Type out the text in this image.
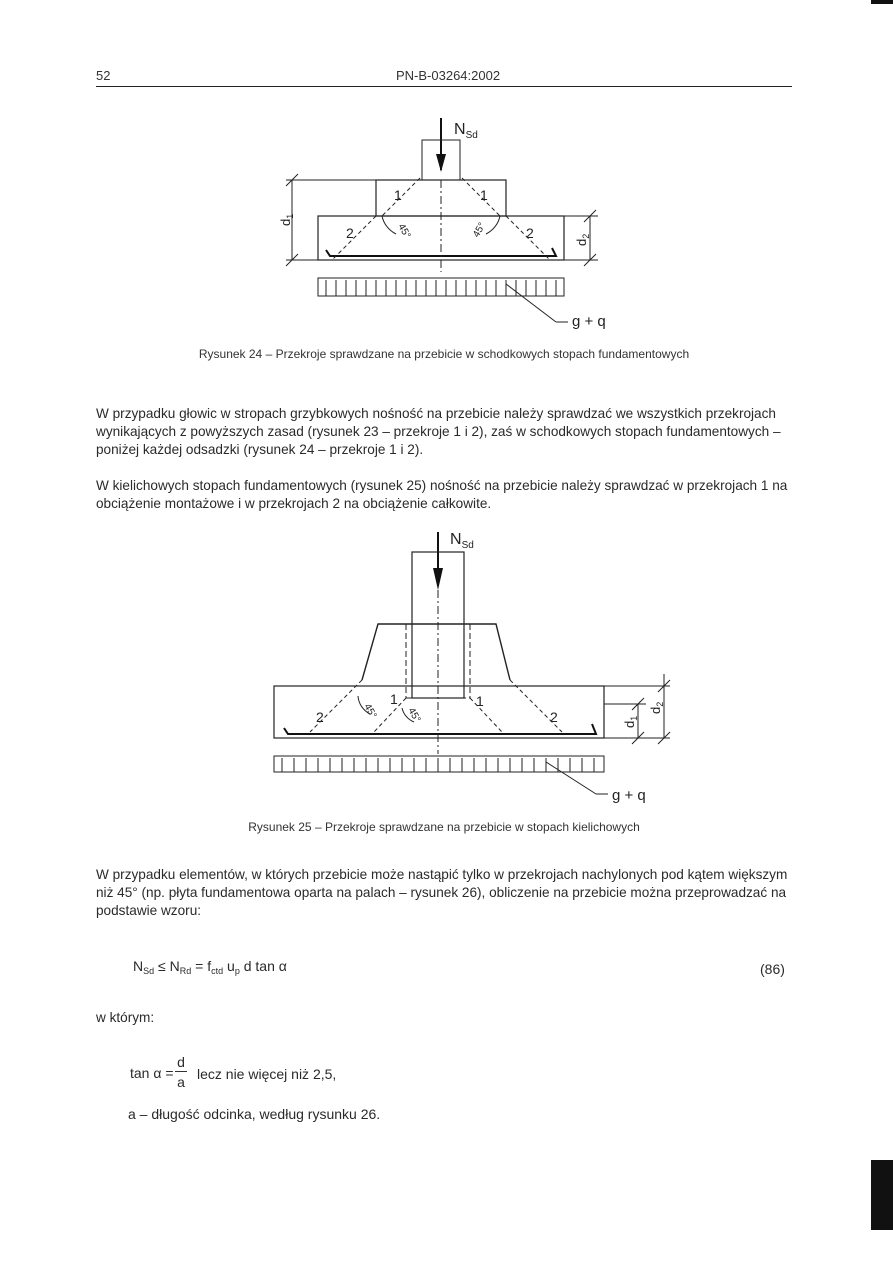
52	PN-B-03264:2002
1	1
2	2
45°	45°
$N_{Sd}$
$d_1$
$d_2$
g + q
Rysunek 24 – Przekroje sprawdzane na przebicie w schodkowych stopach fundamentowych
W przypadku głowic w stropach grzybkowych nośność na przebicie należy sprawdzać we wszystkich przekrojach wynikających z powyższych zasad (rysunek 23 – przekroje 1 i 2), zaś w schodkowych stopach fundamentowych – poniżej każdej odsadzki (rysunek 24 – przekroje 1 i 2).
W kielichowych stopach fundamentowych (rysunek 25) nośność na przebicie należy sprawdzać w przekrojach 1 na obciążenie montażowe i w przekrojach 2 na obciążenie całkowite.
1	1
2	2
45°	45°
$N_{Sd}$
$d_1$
$d_2$
g + q
Rysunek 25 – Przekroje sprawdzane na przebicie w stopach kielichowych
W przypadku elementów, w których przebicie może nastąpić tylko w przekrojach nachylonych pod kątem większym niż 45° (np. płyta fundamentowa oparta na palach – rysunek 26), obliczenie na przebicie można przeprowadzać na podstawie wzoru:
$N_{Sd} \le N_{Rd} = f_{ctd}$ $u_p$ d tan α	(86)
w którym:
tan α =
d
a lecz nie więcej niż 2,5,
a – długość odcinka, według rysunku 26.
